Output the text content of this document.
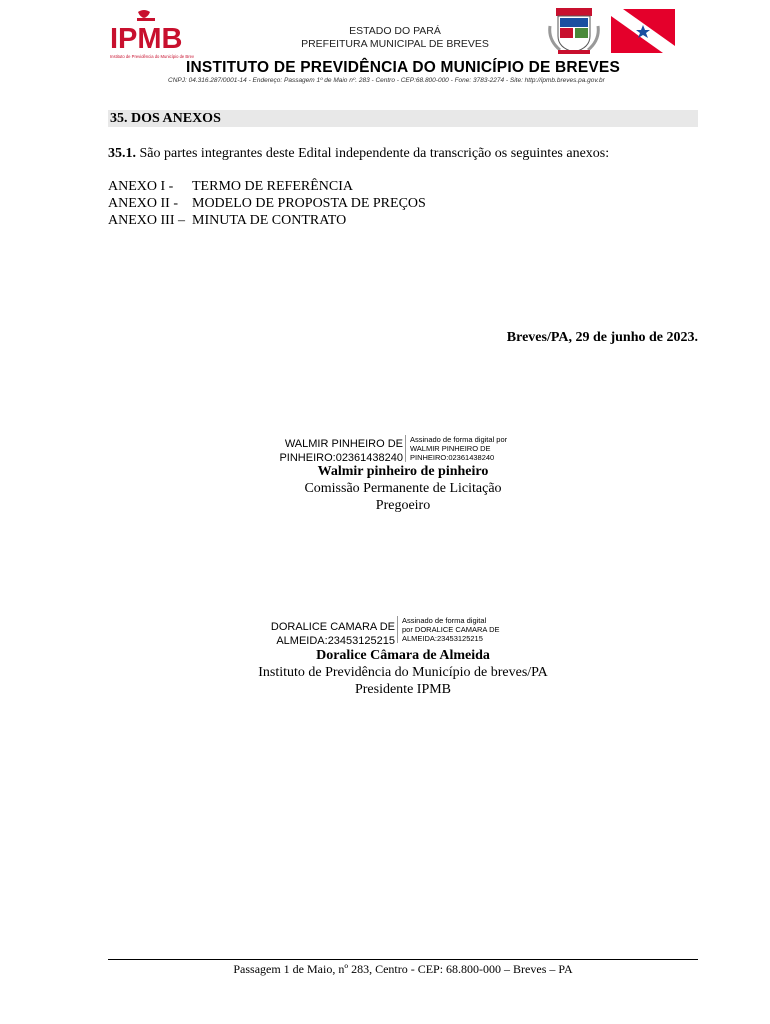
IPMB
Instituto de Previdência do Município de Breves
ESTADO DO PARÁ
PREFEITURA MUNICIPAL DE BREVES
INSTITUTO DE PREVIDÊNCIA DO MUNICÍPIO DE BREVES
CNPJ: 04.316.287/0001-14 - Endereço: Passagem 1º de Maio nº. 283 - Centro - CEP:68.800-000 - Fone: 3783-2274 - Site: http://ipmb.breves.pa.gov.br
35. DOS ANEXOS
35.1. São partes integrantes deste Edital independente da transcrição os seguintes anexos:
ANEXO I - TERMO DE REFERÊNCIA
ANEXO II - MODELO DE PROPOSTA DE PREÇOS
ANEXO III – MINUTA DE CONTRATO
Breves/PA, 29 de junho de 2023.
WALMIR PINHEIRO DE
PINHEIRO:02361438240
Assinado de forma digital por
WALMIR PINHEIRO DE
PINHEIRO:02361438240
Walmir pinheiro de pinheiro
Comissão Permanente de Licitação
Pregoeiro
DORALICE CAMARA DE
ALMEIDA:23453125215
Assinado de forma digital
por DORALICE CAMARA DE
ALMEIDA:23453125215
Doralice Câmara de Almeida
Instituto de Previdência do Município de breves/PA
Presidente IPMB
Passagem 1 de Maio, nº 283, Centro - CEP: 68.800-000 – Breves – PA
